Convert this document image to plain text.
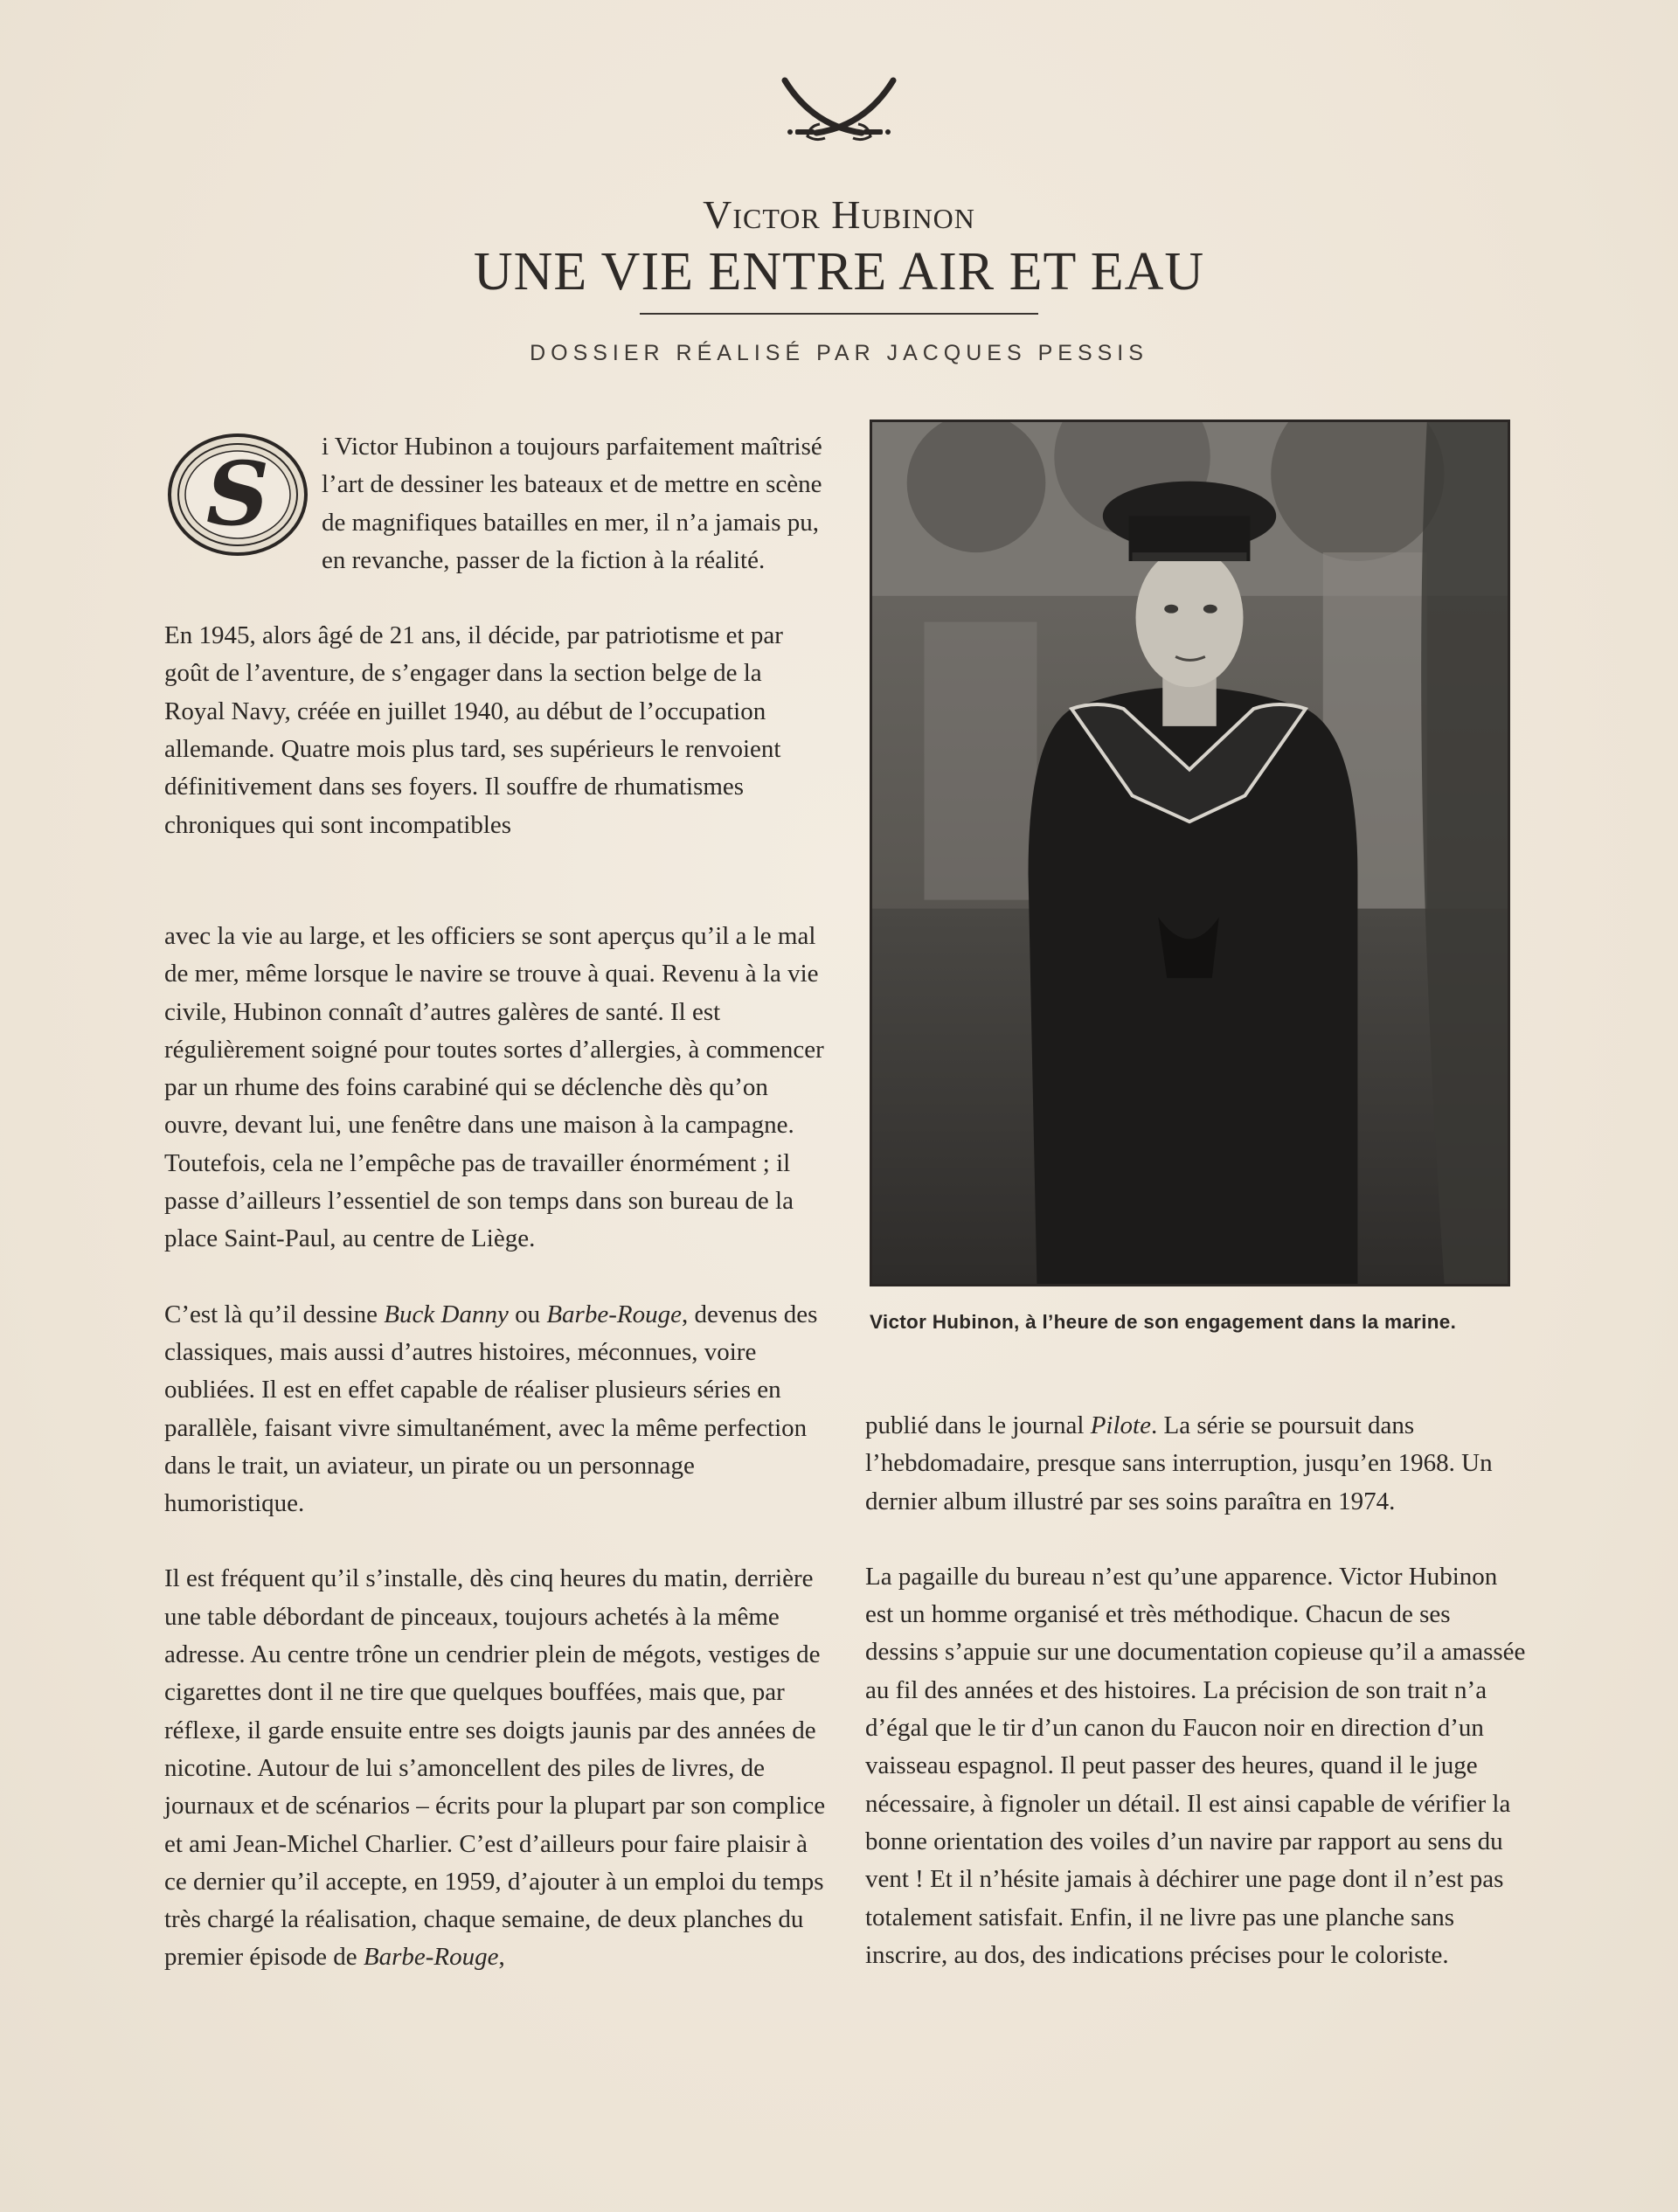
Victor Hubinon
UNE VIE ENTRE AIR ET EAU
DOSSIER RÉALISÉ PAR JACQUES PESSIS

S i Victor Hubinon a toujours parfaitement maîtrisé l’art de dessiner les bateaux et de mettre en scène de magnifiques batailles en mer, il n’a jamais pu, en revanche, passer de la fiction à la réalité.

En 1945, alors âgé de 21 ans, il décide, par patriotisme et par goût de l’aventure, de s’engager dans la section belge de la Royal Navy, créée en juillet 1940, au début de l’occupation allemande. Quatre mois plus tard, ses supérieurs le renvoient définitivement dans ses foyers. Il souffre de rhumatismes chroniques qui sont incompatibles

avec la vie au large, et les officiers se sont aperçus qu’il a le mal de mer, même lorsque le navire se trouve à quai. Revenu à la vie civile, Hubinon connaît d’autres galères de santé. Il est régulièrement soigné pour toutes sortes d’allergies, à commencer par un rhume des foins carabiné qui se déclenche dès qu’on ouvre, devant lui, une fenêtre dans une maison à la campagne. Toutefois, cela ne l’empêche pas de travailler énormément ; il passe d’ailleurs l’essentiel de son temps dans son bureau de la place Saint-Paul, au centre de Liège.

C’est là qu’il dessine Buck Danny ou Barbe-Rouge, devenus des classiques, mais aussi d’autres histoires, méconnues, voire oubliées. Il est en effet capable de réaliser plusieurs séries en parallèle, faisant vivre simultanément, avec la même perfection dans le trait, un aviateur, un pirate ou un personnage humoristique.

Il est fréquent qu’il s’installe, dès cinq heures du matin, derrière une table débordant de pinceaux, toujours achetés à la même adresse. Au centre trône un cendrier plein de mégots, vestiges de cigarettes dont il ne tire que quelques bouffées, mais que, par réflexe, il garde ensuite entre ses doigts jaunis par des années de nicotine. Autour de lui s’amoncellent des piles de livres, de journaux et de scénarios – écrits pour la plupart par son complice et ami Jean-Michel Charlier. C’est d’ailleurs pour faire plaisir à ce dernier qu’il accepte, en 1959, d’ajouter à un emploi du temps très chargé la réalisation, chaque semaine, de deux planches du premier épisode de Barbe-Rouge,

Victor Hubinon, à l’heure de son engagement dans la marine.

publié dans le journal Pilote. La série se poursuit dans l’hebdomadaire, presque sans interruption, jusqu’en 1968. Un dernier album illustré par ses soins paraîtra en 1974.

La pagaille du bureau n’est qu’une apparence. Victor Hubinon est un homme organisé et très méthodique. Chacun de ses dessins s’appuie sur une documentation copieuse qu’il a amassée au fil des années et des histoires. La précision de son trait n’a d’égal que le tir d’un canon du Faucon noir en direction d’un vaisseau espagnol. Il peut passer des heures, quand il le juge nécessaire, à fignoler un détail. Il est ainsi capable de vérifier la bonne orientation des voiles d’un navire par rapport au sens du vent ! Et il n’hésite jamais à déchirer une page dont il n’est pas totalement satisfait. Enfin, il ne livre pas une planche sans inscrire, au dos, des indications précises pour le coloriste.
